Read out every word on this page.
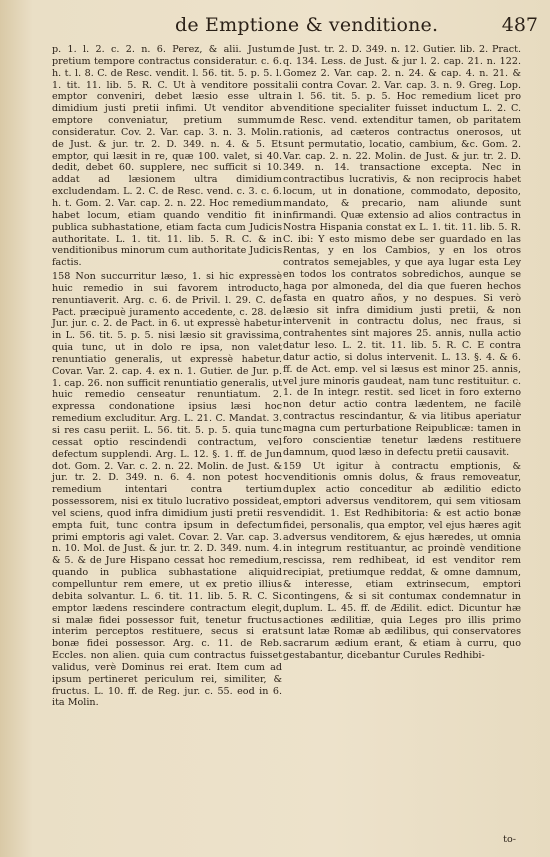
de Emptione & venditione.	487

p. 1. l. 2. c. 2. n. 6. Perez, & alii. Justum pretium tempore contractus consideratur. c. 6. h. t. l. 8. C. de Resc. vendit. l. 56. tit. 5. p. 5. l. 1. tit. 11. lib. 5. R. C. Ut à venditore possit emptor conveniri, debet læsio esse ultra dimidium justi pretii infimi. Ut venditor ab emptore conveniatur, pretium summum consideratur. Cov. 2. Var. cap. 3. n. 3. Molin. de Just. & jur. tr. 2. D. 349. n. 4. & 5. Et emptor, qui læsit in re, quæ 100. valet, si 40. dedit, debet 60. supplere, nec sufficit si 10. addat ad læsionem ultra dimidium excludendam. L. 2. C. de Resc. vend. c. 3. c. 6. h. t. Gom. 2. Var. cap. 2. n. 22. Hoc remedium habet locum, etiam quando venditio fit in publica subhastatione, etiam facta cum Judicis authoritate. L. 1. tit. 11. lib. 5. R. C. & in venditionibus minorum cum authoritate Judicis factis.

158 Non succurritur læso, 1. si hic expressè huic remedio in sui favorem introducto, renuntiaverit. Arg. c. 6. de Privil. l. 29. C. de Pact. præcipuè juramento accedente, c. 28. de Jur. jur. c. 2. de Pact. in 6. ut expressè habetur in L. 56. tit. 5. p. 5. nisi læsio sit gravissima, quia tunc, ut in dolo re ipsa, non valet renuntiatio generalis, ut expressè habetur. Covar. Var. 2. cap. 4. ex n. 1. Gutier. de Jur. p. 1. cap. 26. non sufficit renuntiatio generalis, ut huic remedio censeatur renuntiatum. 2. expressa condonatione ipsius læsi hoc remedium excluditur. Arg. L. 21. C. Mandat. 3. si res casu periit. L. 56. tit. 5. p. 5. quia tunc cessat optio rescindendi contractum, vel defectum supplendi. Arg. L. 12. §. 1. ff. de Jun dot. Gom. 2. Var. c. 2. n. 22. Molin. de Just. & jur. tr. 2. D. 349. n. 6. 4. non potest hoc remedium intentari contra tertium possessorem, nisi ex titulo lucrativo possideat, vel sciens, quod infra dimidium justi pretii res empta fuit, tunc contra ipsum in defectum primi emptoris agi valet. Covar. 2. Var. cap. 3. n. 10. Mol. de Just. & jur. tr. 2. D. 349. num. 4. & 5. & de Jure Hispano cessat hoc remedium, quando in publica subhastatione aliquid compelluntur rem emere, ut ex pretio illius debita solvantur. L. 6. tit. 11. lib. 5. R. C. Si emptor lædens rescindere contractum elegit, si malæ fidei possessor fuit, tenetur fructus interim perceptos restituere, secus si erat bonæ fidei possessor. Arg. c. 11. de Reb. Eccles. non alien. quia cum contractus fuisset validus, verè Dominus rei erat. Item cum ad ipsum pertineret periculum rei, similiter, & fructus. L. 10. ff. de Reg. jur. c. 55. eod in 6. ita Molin.

de Just. tr. 2. D. 349. n. 12. Gutier. lib. 2. Pract. q. 134. Less. de Just. & jur l. 2. cap. 21. n. 122. Gomez 2. Var. cap. 2. n. 24. & cap. 4. n. 21. & alii contra Covar. 2. Var. cap. 3. n. 9. Greg. Lop. in l. 56. tit. 5. p. 5. Hoc remedium licet pro venditione specialiter fuisset inductum L. 2. C. de Resc. vend. extenditur tamen, ob paritatem rationis, ad cæteros contractus onerosos, ut sunt permutatio, locatio, cambium, &c. Gom. 2. Var. cap. 2. n. 22. Molin. de Just. & jur. tr. 2. D. 349. n. 14. transactione excepta. Nec in contractibus lucrativis, & non reciprocis habet locum, ut in donatione, commodato, deposito, mandato, & precario, nam aliunde sunt infirmandi. Quæ extensio ad alios contractus in Nostra Hispania constat ex L. 1. tit. 11. lib. 5. R. C. ibi: Y esto mismo debe ser guardado en las Rentas, y en los Cambios, y en los otros contratos semejables, y que aya lugar esta Ley en todos los contratos sobredichos, aunque se haga por almoneda, del dia que fueren hechos fasta en quatro años, y no despues. Si verò læsio sit infra dimidium justi pretii, & non intervenit in contractu dolus, nec fraus, si contrahentes sint majores 25. annis, nulla actio datur leso. L. 2. tit. 11. lib. 5. R. C. E contra datur actio, si dolus intervenit. L. 13. §. 4. & 6. ff. de Act. emp. vel si læsus est minor 25. annis, vel jure minoris gaudeat, nam tunc restituitur. c. 1. de In integr. restit. sed licet in foro externo non detur actio contra lædentem, ne facilè contractus rescindantur, & via litibus aperiatur magna cum perturbatione Reipublicæ: tamen in foro conscientiæ tenetur lædens restituere damnum, quod læso in defectu pretii causavit.

159 Ut igitur à contractu emptionis, & venditionis omnis dolus, & fraus removeatur, duplex actio conceditur ab ædilitio edicto emptori adversus venditorem, qui sem vitiosam vendidit. 1. Est Redhibitoria: & est actio bonæ fidei, personalis, qua emptor, vel ejus hæres agit adversus venditorem, & ejus hæredes, ut omnia in integrum restituantur, ac proindè venditione rescissa, rem redhibeat, id est venditor rem recipiat, pretiumque reddat, & omne damnum, & interesse, etiam extrinsecum, emptori contingens, & si sit contumax condemnatur in duplum. L. 45. ff. de Ædilit. edict. Dicuntur hæ actiones ædilitiæ, quia Leges pro illis primo sunt latæ Romæ ab ædilibus, qui conservatores sacrarum ædium erant, & etiam à curru, quo gestabantur, dicebantur Curules Redhibi-

to-
